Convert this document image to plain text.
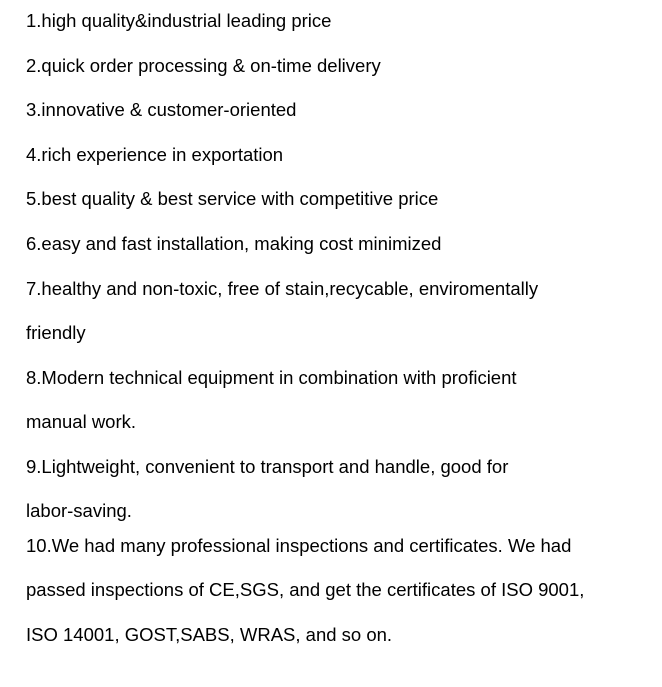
1.high quality&industrial leading price
2.quick order processing & on-time delivery
3.innovative & customer-oriented
4.rich experience in exportation
5.best quality & best service with competitive price
6.easy and fast installation, making cost minimized
7.healthy and non-toxic, free of stain,recycable, enviromentally
friendly
8.Modern technical equipment in combination with proficient
manual work.
9.Lightweight, convenient to transport and handle, good for
labor-saving.
10.We had many professional inspections and certificates. We had
passed inspections of CE,SGS, and get the certificates of ISO 9001,
ISO 14001, GOST,SABS, WRAS, and so on.
